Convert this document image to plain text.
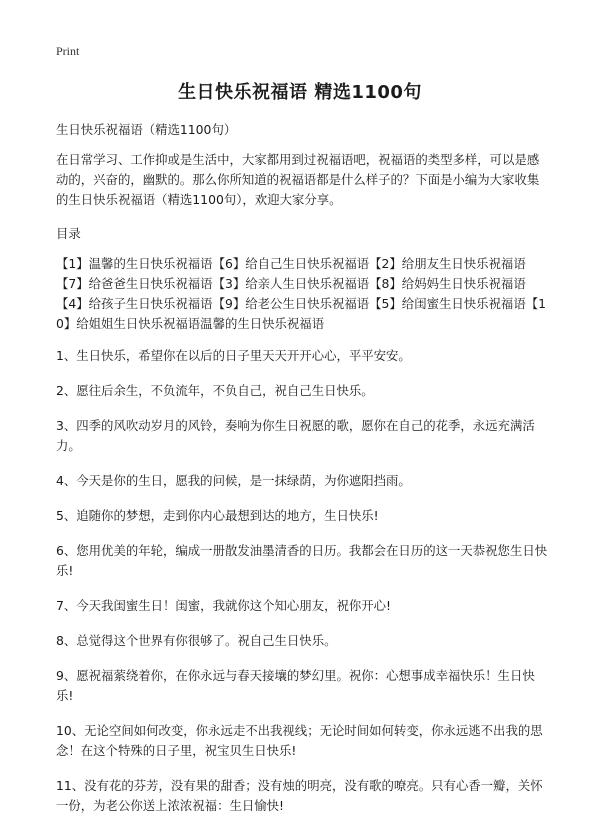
Print
生日快乐祝福语 精选1100句

生日快乐祝福语（精选1100句）

在日常学习、工作抑或是生活中，大家都用到过祝福语吧，祝福语的类型多样，可以是感动的，兴奋的，幽默的。那么你所知道的祝福语都是什么样子的？下面是小编为大家收集的生日快乐祝福语（精选1100句），欢迎大家分享。

目录

【1】温馨的生日快乐祝福语【6】给自己生日快乐祝福语【2】给朋友生日快乐祝福语【7】给爸爸生日快乐祝福语【3】给亲人生日快乐祝福语【8】给妈妈生日快乐祝福语【4】给孩子生日快乐祝福语【9】给老公生日快乐祝福语【5】给闺蜜生日快乐祝福语【10】给姐姐生日快乐祝福语温馨的生日快乐祝福语

1、生日快乐，希望你在以后的日子里天天开开心心，平平安安。
2、愿往后余生，不负流年，不负自己，祝自己生日快乐。
3、四季的风吹动岁月的风铃，奏响为你生日祝愿的歌，愿你在自己的花季，永远充满活力。
4、今天是你的生日，愿我的问候，是一抹绿荫，为你遮阳挡雨。
5、追随你的梦想，走到你内心最想到达的地方，生日快乐!
6、您用优美的年轮，编成一册散发油墨清香的日历。我都会在日历的这一天恭祝您生日快乐!
7、今天我闺蜜生日！闺蜜，我就你这个知心朋友，祝你开心!
8、总觉得这个世界有你很够了。祝自己生日快乐。
9、愿祝福萦绕着你，在你永远与春天接壤的梦幻里。祝你：心想事成幸福快乐！生日快乐!
10、无论空间如何改变，你永远走不出我视线；无论时间如何转变，你永远逃不出我的思念！在这个特殊的日子里，祝宝贝生日快乐!
11、没有花的芬芳，没有果的甜香；没有烛的明亮，没有歌的嘹亮。只有心香一瓣，关怀一份，为老公你送上浓浓祝福：生日愉快!
